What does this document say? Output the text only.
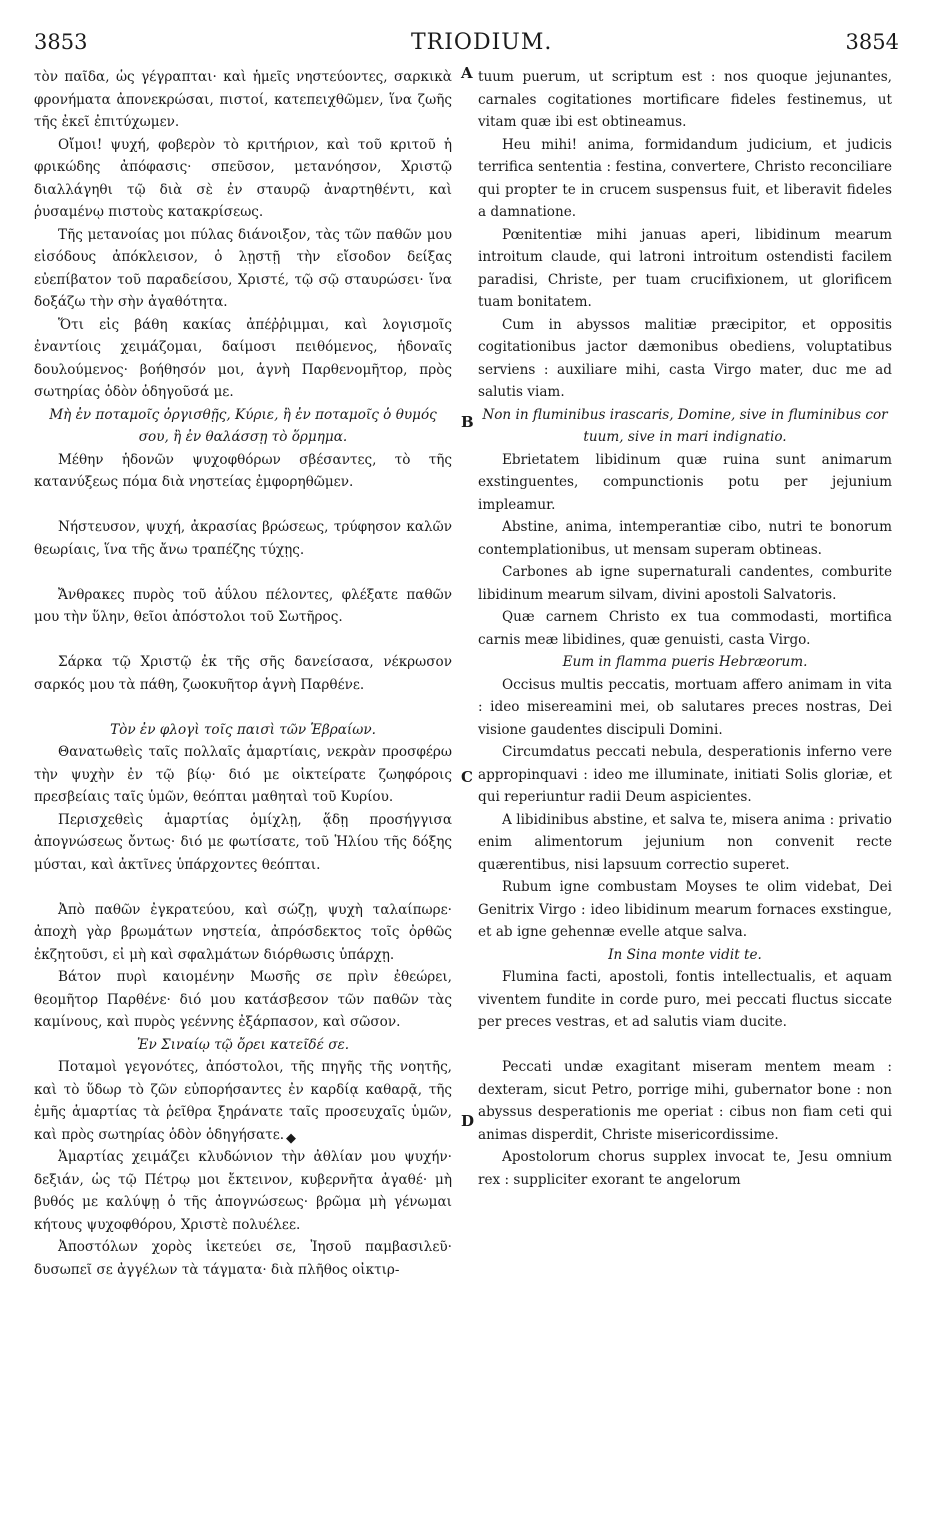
3853	TRIODIUM.	3854
A
B
C
D
◆

τὸν παῖδα, ὡς γέγραπται· καὶ ἡμεῖς νηστεύοντες, σαρκικὰ φρονήματα ἀπονεκρώσαι, πιστοί, κατεπειχθῶμεν, ἵνα ζωῆς τῆς ἐκεῖ ἐπιτύχωμεν.

Οἴμοι! ψυχή, φοβερὸν τὸ κριτήριον, καὶ τοῦ κριτοῦ ἡ φρικώδης ἀπόφασις· σπεῦσον, μετανόησον, Χριστῷ διαλλάγηθι τῷ διὰ σὲ ἐν σταυρῷ ἀναρτηθέντι, καὶ ῥυσαμένῳ πιστοὺς κατακρίσεως.

Τῆς μετανοίας μοι πύλας διάνοιξον, τὰς τῶν παθῶν μου εἰσόδους ἀπόκλεισον, ὁ λῃστῇ τὴν εἴσοδον δείξας εὐεπίβατον τοῦ παραδείσου, Χριστέ, τῷ σῷ σταυρώσει· ἵνα δοξάζω τὴν σὴν ἀγαθότητα.

Ὅτι εἰς βάθη κακίας ἀπέῤῥιμμαι, καὶ λογισμοῖς ἐναντίοις χειμάζομαι, δαίμοσι πειθόμενος, ἡδοναῖς δουλούμενος· βοήθησόν μοι, ἁγνὴ Παρθενομῆτορ, πρὸς σωτηρίας ὁδὸν ὁδηγοῦσά με.

Μὴ ἐν ποταμοῖς ὀργισθῇς, Κύριε, ἢ ἐν ποταμοῖς ὁ θυμός σου, ἢ ἐν θαλάσσῃ τὸ ὅρμημα.

Μέθην ἡδονῶν ψυχοφθόρων σβέσαντες, τὸ τῆς κατανύξεως πόμα διὰ νηστείας ἐμφορηθῶμεν.

Νήστευσον, ψυχή, ἀκρασίας βρώσεως, τρύφησον καλῶν θεωρίαις, ἵνα τῆς ἄνω τραπέζης τύχῃς.

Ἄνθρακες πυρὸς τοῦ ἀΰλου πέλοντες, φλέξατε παθῶν μου τὴν ὕλην, θεῖοι ἀπόστολοι τοῦ Σωτῆρος.

Σάρκα τῷ Χριστῷ ἐκ τῆς σῆς δανείσασα, νέκρωσον σαρκός μου τὰ πάθη, ζωοκυῆτορ ἁγνὴ Παρθένε.

Τὸν ἐν φλογὶ τοῖς παισὶ τῶν Ἑβραίων.

Θανατωθεὶς ταῖς πολλαῖς ἁμαρτίαις, νεκρὰν προσφέρω τὴν ψυχὴν ἐν τῷ βίῳ· διό με οἰκτείρατε ζωηφόροις πρεσβείαις ταῖς ὑμῶν, θεόπται μαθηταὶ τοῦ Κυρίου.

Περισχεθεὶς ἁμαρτίας ὁμίχλῃ, ᾅδῃ προσήγγισα ἀπογνώσεως ὄντως· διό με φωτίσατε, τοῦ Ἡλίου τῆς δόξης μύσται, καὶ ἀκτῖνες ὑπάρχοντες θεόπται.

Ἀπὸ παθῶν ἐγκρατεύου, καὶ σώζῃ, ψυχὴ ταλαίπωρε· ἀποχὴ γὰρ βρωμάτων νηστεία, ἀπρόσδεκτος τοῖς ὀρθῶς ἐκζητοῦσι, εἰ μὴ καὶ σφαλμάτων διόρθωσις ὑπάρχῃ.

Βάτον πυρὶ καιομένην Μωσῆς σε πρὶν ἐθεώρει, θεομῆτορ Παρθένε· διό μου κατάσβεσον τῶν παθῶν τὰς καμίνους, καὶ πυρὸς γεέννης ἐξάρπασον, καὶ σῶσον.

Ἐν Σιναίῳ τῷ ὄρει κατεῖδέ σε.

Ποταμοὶ γεγονότες, ἀπόστολοι, τῆς πηγῆς τῆς νοητῆς, καὶ τὸ ὕδωρ τὸ ζῶν εὐπορήσαντες ἐν καρδίᾳ καθαρᾷ, τῆς ἐμῆς ἁμαρτίας τὰ ῥεῖθρα ξηράνατε ταῖς προσευχαῖς ὑμῶν, καὶ πρὸς σωτηρίας ὁδὸν ὁδηγήσατε.

Ἁμαρτίας χειμάζει κλυδώνιον τὴν ἀθλίαν μου ψυχήν· δεξιάν, ὡς τῷ Πέτρῳ μοι ἔκτεινον, κυβερνῆτα ἀγαθέ· μὴ βυθός με καλύψῃ ὁ τῆς ἀπογνώσεως· βρῶμα μὴ γένωμαι κήτους ψυχοφθόρου, Χριστὲ πολυέλεε.

Ἀποστόλων χορὸς ἱκετεύει σε, Ἰησοῦ παμβασιλεῦ· δυσωπεῖ σε ἀγγέλων τὰ τάγματα· διὰ πλῆθος οἰκτιρ-

tuum puerum, ut scriptum est : nos quoque jejunantes, carnales cogitationes mortificare fideles festinemus, ut vitam quæ ibi est obtineamus.

Heu mihi! anima, formidandum judicium, et judicis terrifica sententia : festina, convertere, Christo reconciliare qui propter te in crucem suspensus fuit, et liberavit fideles a damnatione.

Pœnitentiæ mihi januas aperi, libidinum mearum introitum claude, qui latroni introitum ostendisti facilem paradisi, Christe, per tuam crucifixionem, ut glorificem tuam bonitatem.

Cum in abyssos malitiæ præcipitor, et oppositis cogitationibus jactor dæmonibus obediens, voluptatibus serviens : auxiliare mihi, casta Virgo mater, duc me ad salutis viam.

Non in fluminibus irascaris, Domine, sive in fluminibus cor tuum, sive in mari indignatio.

Ebrietatem libidinum quæ ruina sunt animarum exstinguentes, compunctionis potu per jejunium impleamur.

Abstine, anima, intemperantiæ cibo, nutri te bonorum contemplationibus, ut mensam superam obtineas.

Carbones ab igne supernaturali candentes, comburite libidinum mearum silvam, divini apostoli Salvatoris.

Quæ carnem Christo ex tua commodasti, mortifica carnis meæ libidines, quæ genuisti, casta Virgo.

Eum in flamma pueris Hebræorum.

Occisus multis peccatis, mortuam affero animam in vita : ideo misereamini mei, ob salutares preces nostras, Dei visione gaudentes discipuli Domini.

Circumdatus peccati nebula, desperationis inferno vere appropinquavi : ideo me illuminate, initiati Solis gloriæ, et qui reperiuntur radii Deum aspicientes.

A libidinibus abstine, et salva te, misera anima : privatio enim alimentorum jejunium non convenit recte quærentibus, nisi lapsuum correctio superet.

Rubum igne combustam Moyses te olim videbat, Dei Genitrix Virgo : ideo libidinum mearum fornaces exstingue, et ab igne gehennæ evelle atque salva.

In Sina monte vidit te.

Flumina facti, apostoli, fontis intellectualis, et aquam viventem fundite in corde puro, mei peccati fluctus siccate per preces vestras, et ad salutis viam ducite.

Peccati undæ exagitant miseram mentem meam : dexteram, sicut Petro, porrige mihi, gubernator bone : non abyssus desperationis me operiat : cibus non fiam ceti qui animas disperdit, Christe misericordissime.

Apostolorum chorus supplex invocat te, Jesu omnium rex : suppliciter exorant te angelorum
